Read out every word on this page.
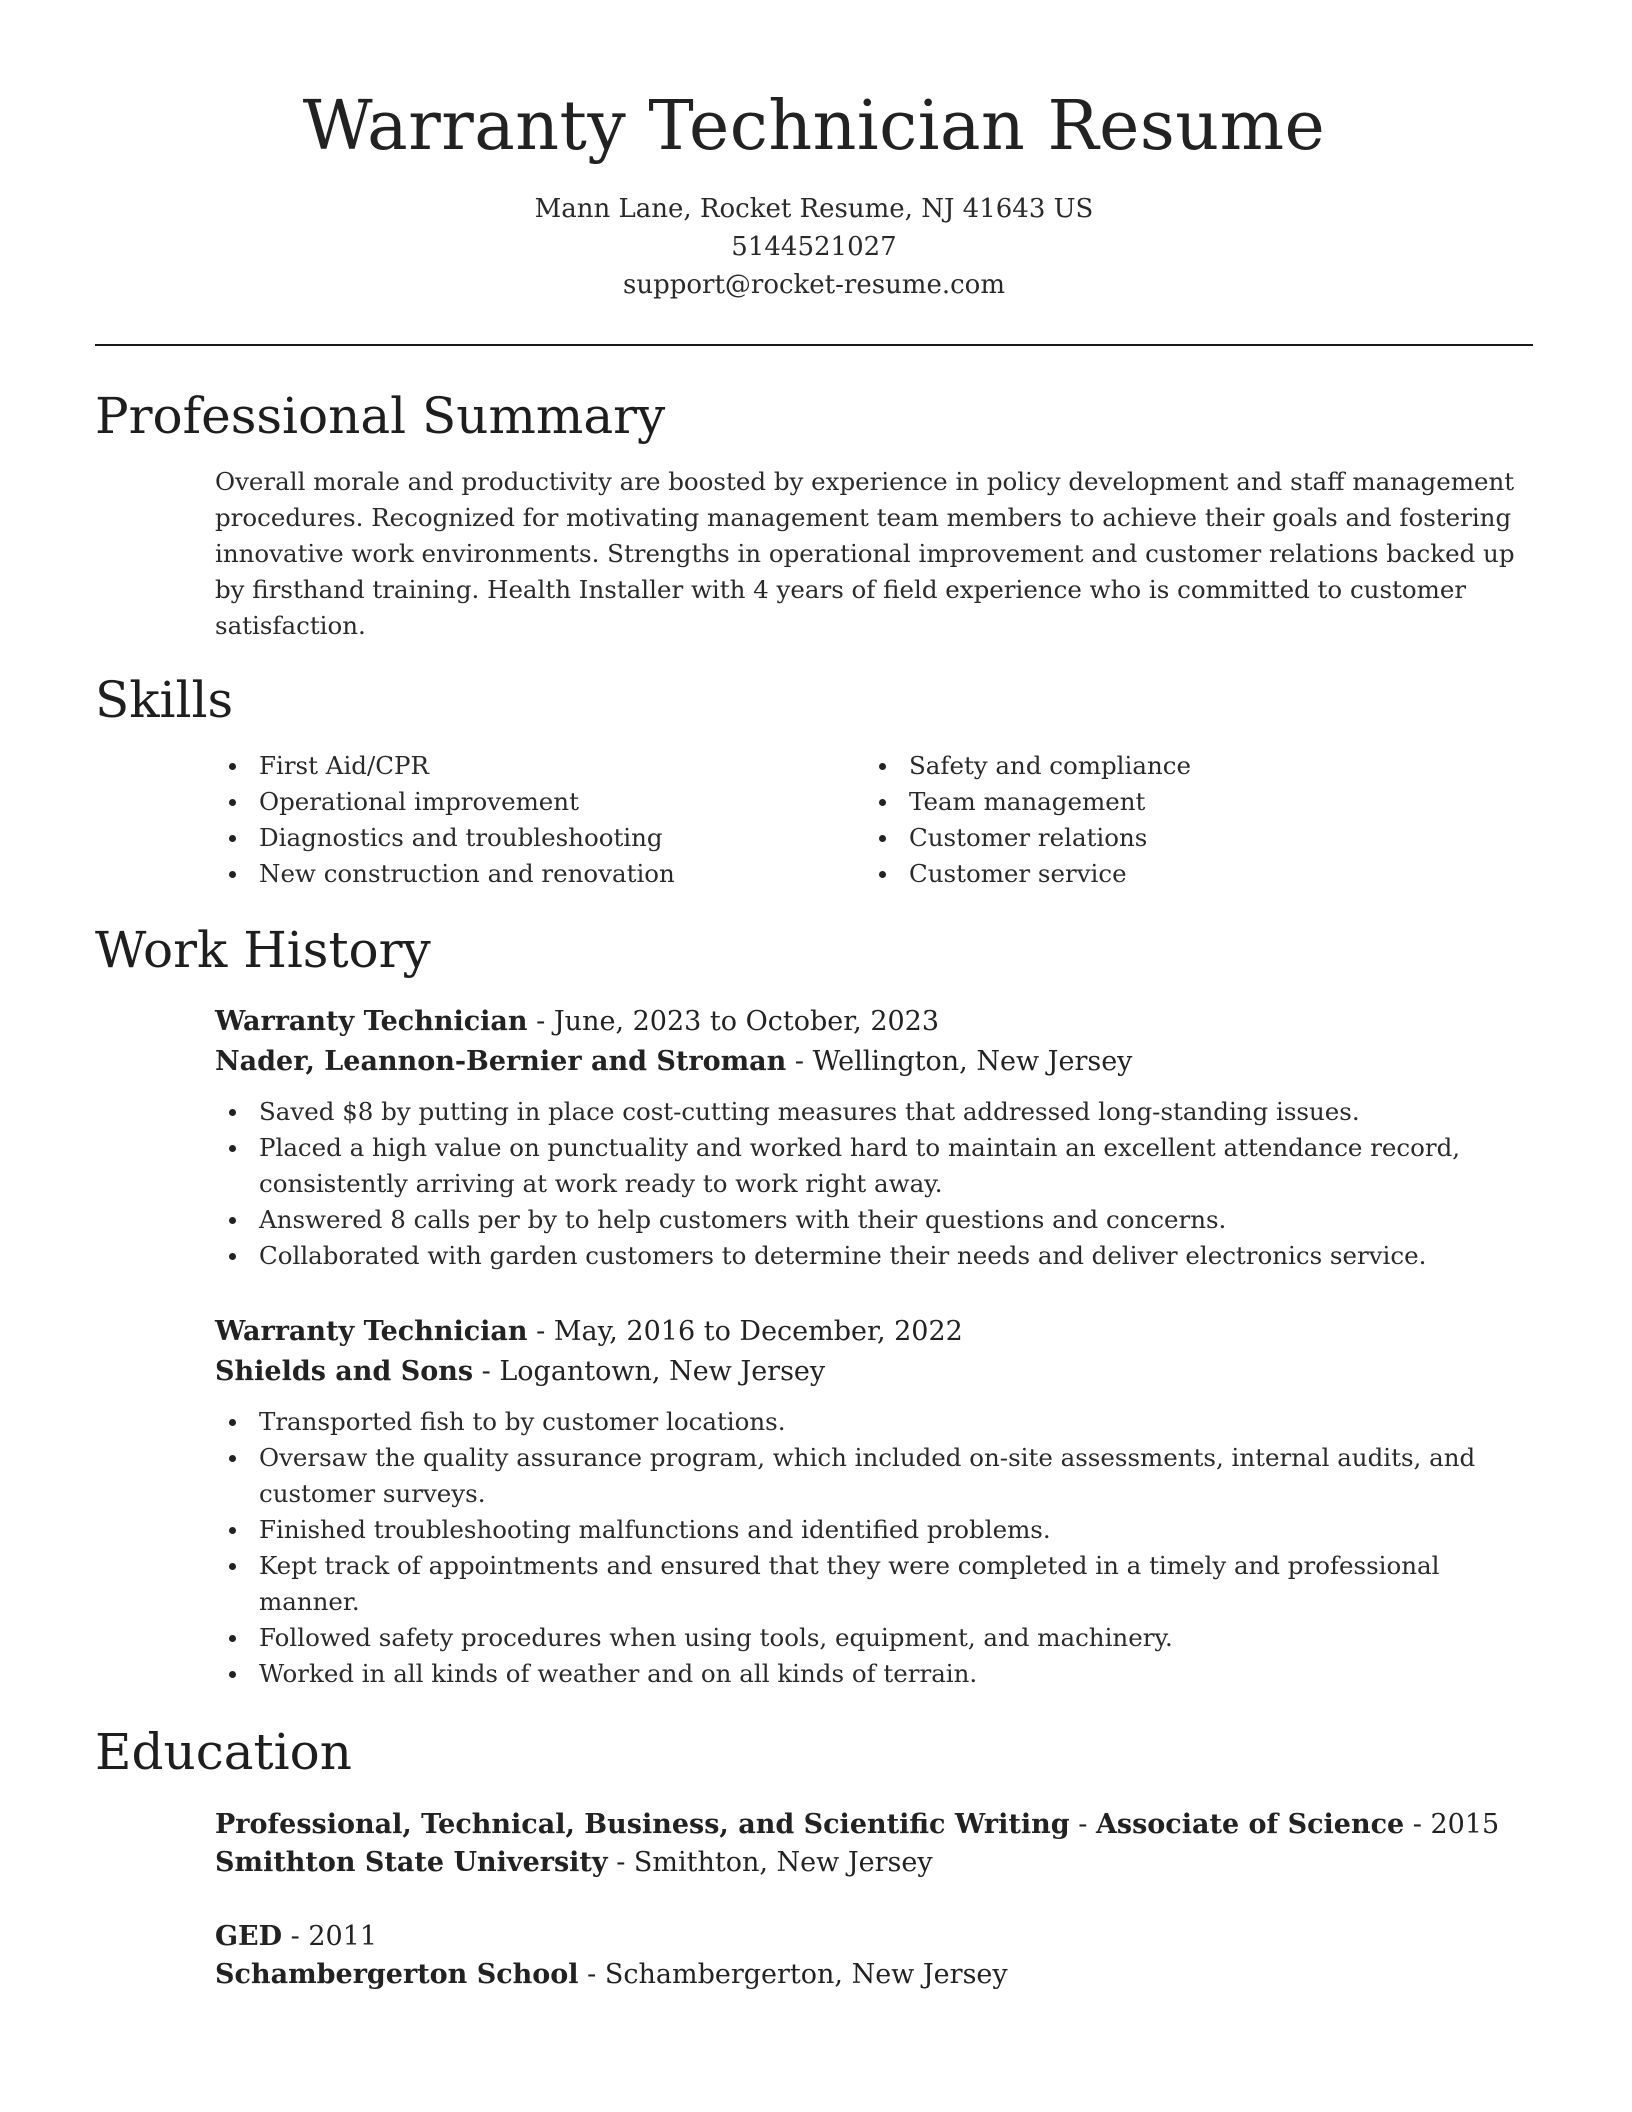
Warranty Technician Resume
Mann Lane, Rocket Resume, NJ 41643 US
5144521027
support@rocket-resume.com
Professional Summary

Overall morale and productivity are boosted by experience in policy development and staff management procedures. Recognized for motivating management team members to achieve their goals and fostering innovative work environments. Strengths in operational improvement and customer relations backed up by firsthand training. Health Installer with 4 years of field experience who is committed to customer satisfaction.

Skills
First Aid/CPR
Operational improvement
Diagnostics and troubleshooting
New construction and renovation
Safety and compliance
Team management
Customer relations
Customer service
Work History
Warranty Technician - June, 2023 to October, 2023
Nader, Leannon-Bernier and Stroman - Wellington, New Jersey
Saved $8 by putting in place cost-cutting measures that addressed long-standing issues.
Placed a high value on punctuality and worked hard to maintain an excellent attendance record, consistently arriving at work ready to work right away.
Answered 8 calls per by to help customers with their questions and concerns.
Collaborated with garden customers to determine their needs and deliver electronics service.
Warranty Technician - May, 2016 to December, 2022
Shields and Sons - Logantown, New Jersey
Transported fish to by customer locations.
Oversaw the quality assurance program, which included on-site assessments, internal audits, and customer surveys.
Finished troubleshooting malfunctions and identified problems.
Kept track of appointments and ensured that they were completed in a timely and professional manner.
Followed safety procedures when using tools, equipment, and machinery.
Worked in all kinds of weather and on all kinds of terrain.
Education
Professional, Technical, Business, and Scientific Writing - Associate of Science - 2015
Smithton State University - Smithton, New Jersey
GED - 2011
Schambergerton School - Schambergerton, New Jersey
